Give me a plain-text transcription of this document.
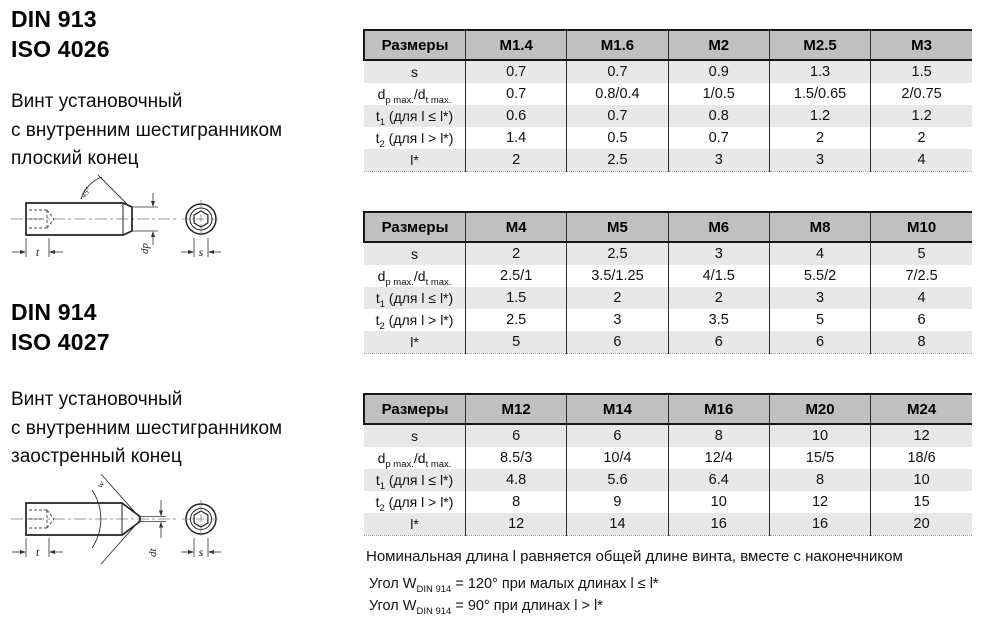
DIN 913
ISO 4026
Винт установочный
с внутренним шестигранником
плоский конец
45°
t	dp	s
DIN 914
ISO 4027
Винт установочный
с внутренним шестигранником
заостренный конец
w
t	dt	s
Размеры	M1.4	M1.6	M2	M2.5	M3
s	0.7	0.7	0.9	1.3	1.5
$d_{p max.}/d_{t max.}$	0.7	0.8/0.4	1/0.5	1.5/0.65	2/0.75
$t_1$ (для l ≤ l*)	0.6	0.7	0.8	1.2	1.2
$t_2$ (для l > l*)	1.4	0.5	0.7	2	2
l*	2	2.5	3	3	4
Размеры	M4	M5	M6	M8	M10
s	2	2.5	3	4	5
$d_{p max.}/d_{t max.}$	2.5/1	3.5/1.25	4/1.5	5.5/2	7/2.5
$t_1$ (для l ≤ l*)	1.5	2	2	3	4
$t_2$ (для l > l*)	2.5	3	3.5	5	6
l*	5	6	6	6	8
Размеры	M12	M14	M16	M20	M24
s	6	6	8	10	12
$d_{p max.}/d_{t max.}$	8.5/3	10/4	12/4	15/5	18/6
$t_1$ (для l ≤ l*)	4.8	5.6	6.4	8	10
$t_2$ (для l > l*)	8	9	10	12	15
l*	12	14	16	16	20
Номинальная длина l равняется общей длине винта, вместе с наконечником
Угол $W_{DIN 914} = 120^\circ$ при малых длинах l ≤ l*
Угол $W_{DIN 914} = 90^\circ$ при длинах l > l*
